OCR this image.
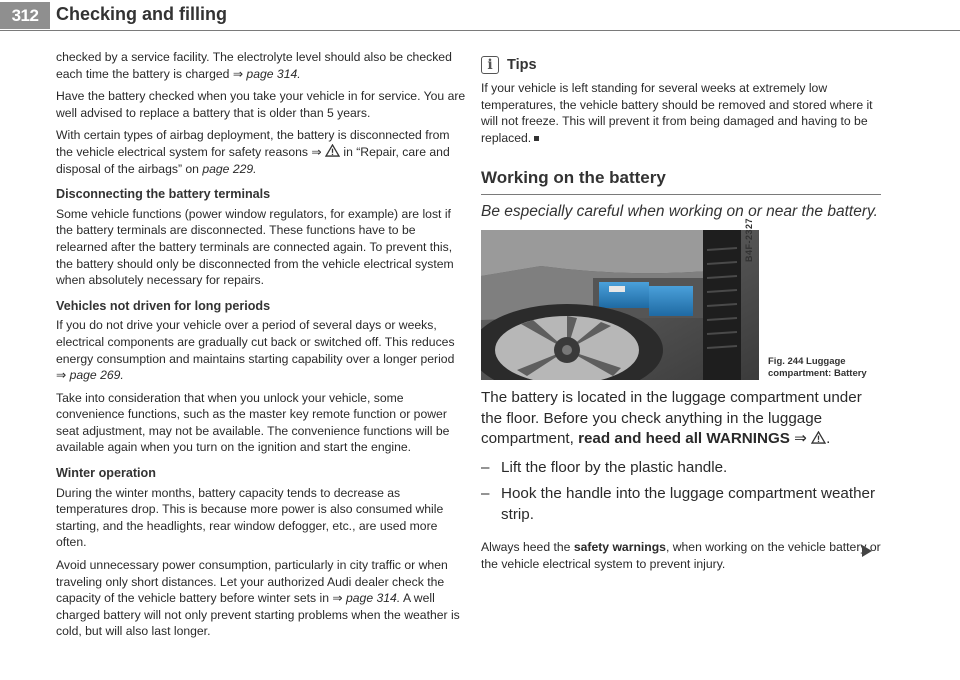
312 Checking and filling

checked by a service facility. The electrolyte level should also be checked each time the battery is charged ⇒ page 314.

Have the battery checked when you take your vehicle in for service. You are well advised to replace a battery that is older than 5 years.

With certain types of airbag deployment, the battery is disconnected from the vehicle electrical system for safety reasons ⇒  in “Repair, care and disposal of the airbags” on page 229.

Disconnecting the battery terminals

Some vehicle functions (power window regulators, for example) are lost if the battery terminals are disconnected. These functions have to be relearned after the battery terminals are connected again. To prevent this, the battery should only be disconnected from the vehicle electrical system when absolutely necessary for repairs.

Vehicles not driven for long periods

If you do not drive your vehicle over a period of several days or weeks, electrical components are gradually cut back or switched off. This reduces energy consumption and maintains starting capability over a longer period ⇒ page 269.

Take into consideration that when you unlock your vehicle, some convenience functions, such as the master key remote function or power seat adjustment, may not be available. The convenience functions will be available again when you turn on the ignition and start the engine.

Winter operation

During the winter months, battery capacity tends to decrease as temperatures drop. This is because more power is also consumed while starting, and the headlights, rear window defogger, etc., are used more often.

Avoid unnecessary power consumption, particularly in city traffic or when traveling only short distances. Let your authorized Audi dealer check the capacity of the vehicle battery before winter sets in ⇒ page 314. A well charged battery will not only prevent starting problems when the weather is cold, but will also last longer.

i Tips

If your vehicle is left standing for several weeks at extremely low temperatures, the vehicle battery should be removed and stored where it will not freeze. This will prevent it from being damaged and having to be replaced.

Working on the battery
Be especially careful when working on or near the battery.
B4F-2327
Fig. 244 Luggage
compartment: Battery

The battery is located in the luggage compartment under the floor. Before you check anything in the luggage compartment, read and heed all WARNINGS ⇒ .

– Lift the floor by the plastic handle.
– Hook the handle into the luggage compartment weather strip.

Always heed the safety warnings, when working on the vehicle battery or the vehicle electrical system to prevent injury.
